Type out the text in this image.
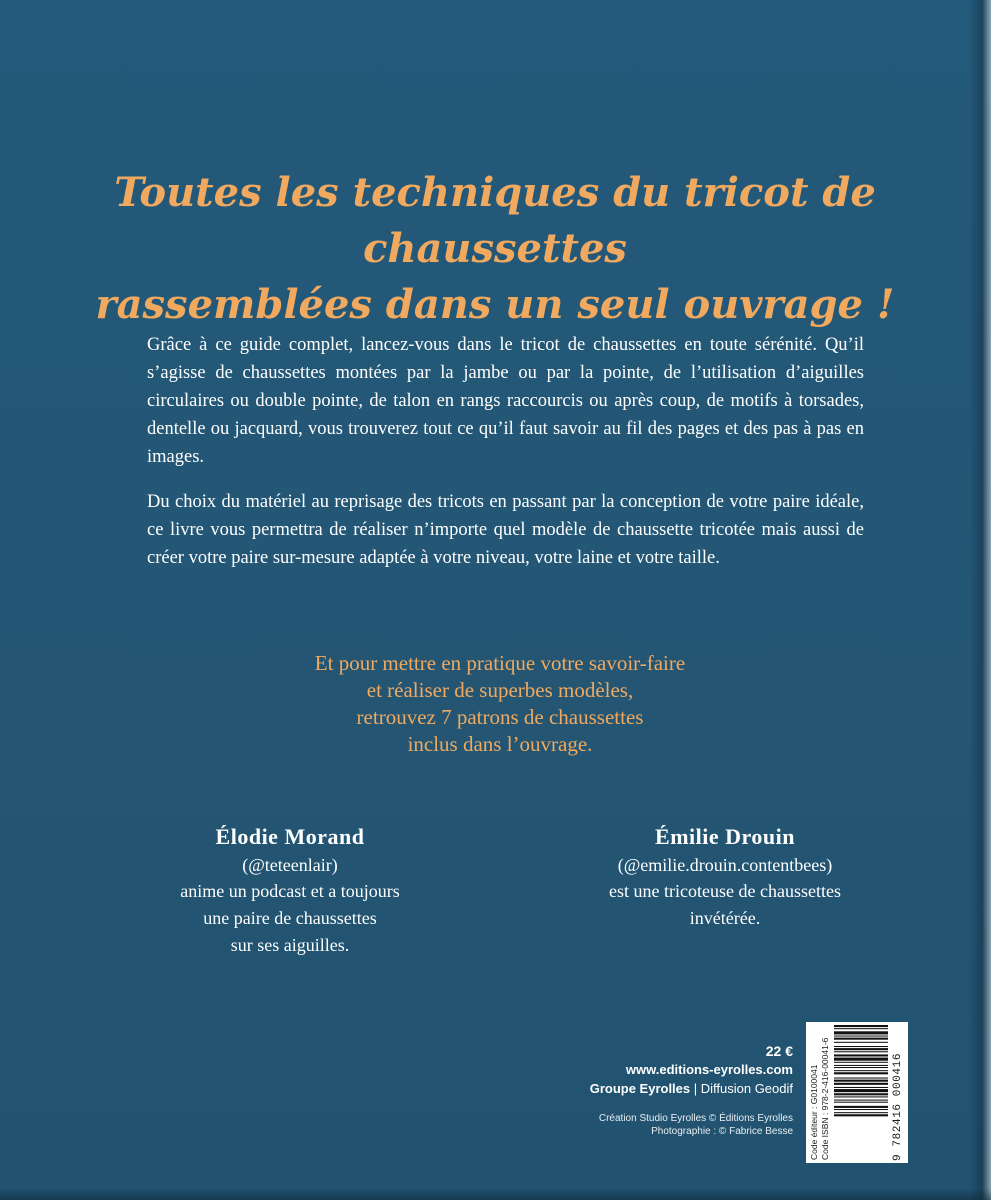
Toutes les techniques du tricot de chaussettes
rassemblées dans un seul ouvrage !

Grâce à ce guide complet, lancez-vous dans le tricot de chaussettes en toute sérénité. Qu’il s’agisse de chaussettes montées par la jambe ou par la pointe, de l’utilisation d’aiguilles circulaires ou double pointe, de talon en rangs raccourcis ou après coup, de motifs à torsades, dentelle ou jacquard, vous trouverez tout ce qu’il faut savoir au fil des pages et des pas à pas en images.

Du choix du matériel au reprisage des tricots en passant par la conception de votre paire idéale, ce livre vous permettra de réaliser n’importe quel modèle de chaussette tricotée mais aussi de créer votre paire sur-mesure adaptée à votre niveau, votre laine et votre taille.

Et pour mettre en pratique votre savoir-faire
et réaliser de superbes modèles,
retrouvez 7 patrons de chaussettes
inclus dans l’ouvrage.

Élodie Morand

(@teteenlair)

anime un podcast et a toujours
une paire de chaussettes
sur ses aiguilles.

Émilie Drouin

(@emilie.drouin.contentbees)

est une tricoteuse de chaussettes
invétérée.

22 €

www.editions-eyrolles.com

Groupe Eyrolles | Diffusion Geodif

Création Studio Eyrolles © Éditions Eyrolles

Photographie : © Fabrice Besse Code éditeur : G0100041 Code ISBN : 978-2-416-00041-6	9 782416 000416
